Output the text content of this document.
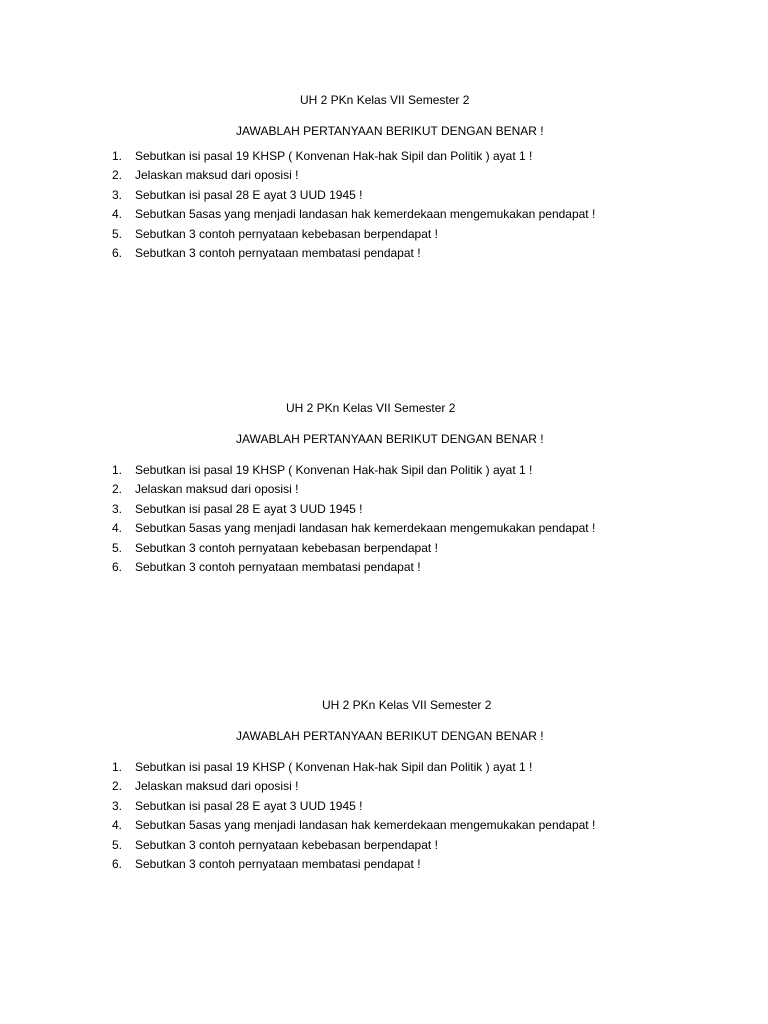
UH 2 PKn Kelas VII Semester 2
JAWABLAH PERTANYAAN BERIKUT DENGAN BENAR !
1.	Sebutkan isi pasal 19 KHSP ( Konvenan Hak-hak Sipil dan Politik ) ayat 1 !
2.	Jelaskan maksud dari oposisi !
3.	Sebutkan isi pasal 28 E ayat 3 UUD 1945 !
4.	Sebutkan 5asas yang menjadi landasan hak kemerdekaan mengemukakan pendapat !
5.	Sebutkan 3 contoh pernyataan kebebasan berpendapat !
6.	Sebutkan 3 contoh pernyataan membatasi pendapat !
UH 2 PKn Kelas VII Semester 2
JAWABLAH PERTANYAAN BERIKUT DENGAN BENAR !
1.	Sebutkan isi pasal 19 KHSP ( Konvenan Hak-hak Sipil dan Politik ) ayat 1 !
2.	Jelaskan maksud dari oposisi !
3.	Sebutkan isi pasal 28 E ayat 3 UUD 1945 !
4.	Sebutkan 5asas yang menjadi landasan hak kemerdekaan mengemukakan pendapat !
5.	Sebutkan 3 contoh pernyataan kebebasan berpendapat !
6.	Sebutkan 3 contoh pernyataan membatasi pendapat !
UH 2 PKn Kelas VII Semester 2
JAWABLAH PERTANYAAN BERIKUT DENGAN BENAR !
1.	Sebutkan isi pasal 19 KHSP ( Konvenan Hak-hak Sipil dan Politik ) ayat 1 !
2.	Jelaskan maksud dari oposisi !
3.	Sebutkan isi pasal 28 E ayat 3 UUD 1945 !
4.	Sebutkan 5asas yang menjadi landasan hak kemerdekaan mengemukakan pendapat !
5.	Sebutkan 3 contoh pernyataan kebebasan berpendapat !
6.	Sebutkan 3 contoh pernyataan membatasi pendapat !
